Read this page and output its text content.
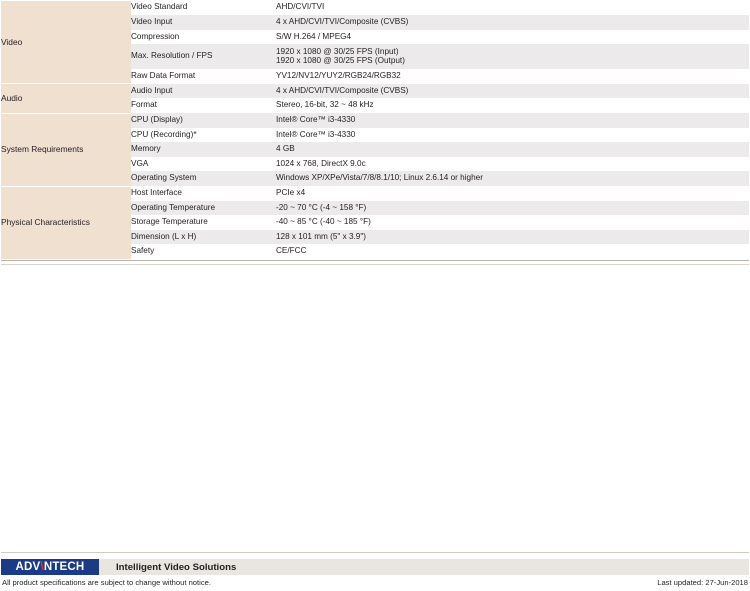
Video	Video Standard	AHD/CVI/TVI
	Video Input	4 x AHD/CVI/TVI/Composite (CVBS)
	Compression	S/W H.264 / MPEG4
	Max. Resolution / FPS	1920 x 1080 @ 30/25 FPS (Input)
1920 x 1080 @ 30/25 FPS (Output)

	Raw Data Format	YV12/NV12/YUY2/RGB24/RGB32
Audio	Audio Input	4 x AHD/CVI/TVI/Composite (CVBS)
	Format	Stereo, 16-bit, 32 ~ 48 kHz
System Requirements	CPU (Display)	Intel® Core™ i3-4330
	CPU (Recording)*	Intel® Core™ i3-4330
	Memory	4 GB
	VGA	1024 x 768, DirectX 9.0c
	Operating System	Windows XP/XPe/Vista/7/8/8.1/10; Linux 2.6.14 or higher
Physical Characteristics	Host Interface	PCIe x4
	Operating Temperature	-20 ~ 70 °C (-4 ~ 158 °F)
	Storage Temperature	-40 ~ 85 °C (-40 ~ 185 °F)
	Dimension (L x H)	128 x 101 mm (5" x 3.9")
	Safety	CE/FCC
ADV \ NTECH	Intelligent Video Solutions
All product specifications are subject to change without notice.	Last updated: 27-Jun-2018
